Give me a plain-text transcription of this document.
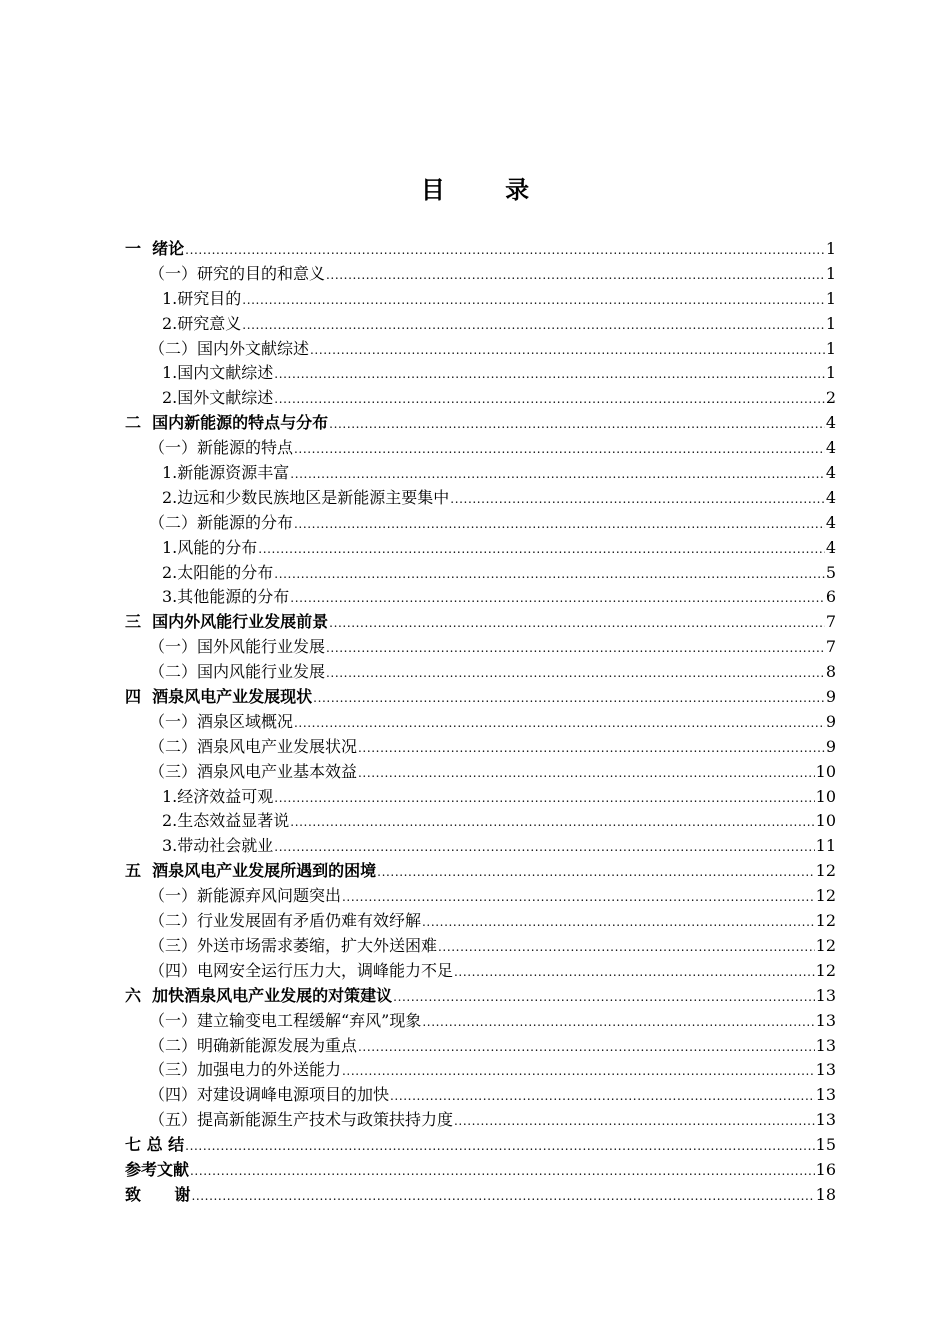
目 录
一  绪论 .....	1
（一）研究的目的和意义 .....	1
1.研究目的 .....	1
2.研究意义 .....	1
（二）国内外文献综述 .....	1
1.国内文献综述 .....	1
2.国外文献综述 .....	2
二  国内新能源的特点与分布 .....	4
（一）新能源的特点 .....	4
1.新能源资源丰富 .....	4
2.边远和少数民族地区是新能源主要集中 .....	4
（二）新能源的分布 .....	4
1.风能的分布 .....	4
2.太阳能的分布 .....	5
3.其他能源的分布 .....	6
三  国内外风能行业发展前景 .....	7
（一）国外风能行业发展 .....	7
（二）国内风能行业发展 .....	8
四  酒泉风电产业发展现状 .....	9
（一）酒泉区域概况 .....	9
（二）酒泉风电产业发展状况 .....	9
（三）酒泉风电产业基本效益 .....	10
1.经济效益可观 .....	10
2.生态效益显著说 .....	10
3.带动社会就业 .....	11
五  酒泉风电产业发展所遇到的困境 .....	12
（一）新能源弃风问题突出 .....	12
（二）行业发展固有矛盾仍难有效纾解 .....	12
（三）外送市场需求萎缩，扩大外送困难 .....	12
（四）电网安全运行压力大，调峰能力不足 .....	12
六  加快酒泉风电产业发展的对策建议 .....	13
（一）建立输变电工程缓解“弃风”现象 .....	13
（二）明确新能源发展为重点 .....	13
（三）加强电力的外送能力 .....	13
（四）对建设调峰电源项目的加快 .....	13
（五）提高新能源生产技术与政策扶持力度 .....	13
七 总 结 .....	15
参考文献 .....	16
致      谢 .....	18
